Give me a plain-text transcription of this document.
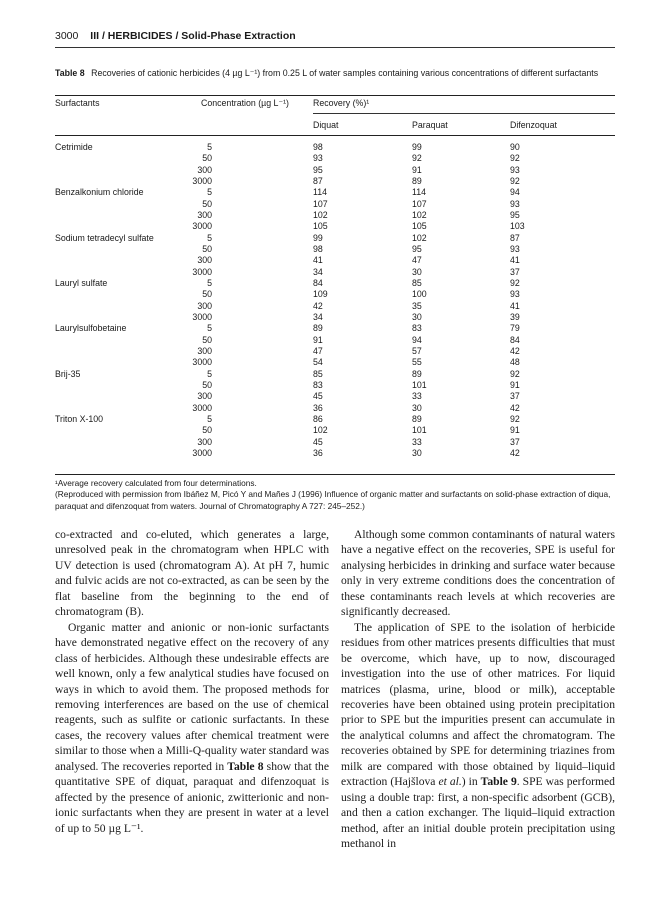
3000 III / HERBICIDES / Solid-Phase Extraction
Table 8 Recoveries of cationic herbicides (4 µg L⁻¹) from 0.25 L of water samples containing various concentrations of different surfactants
Surfactants	Concentration (µg L⁻¹)	Recovery (%)¹
Diquat	Paraquat	Difenzoquat
Cetrimide	5	98	99	90
50	93	92	92
300	95	91	93
3000	87	89	92
Benzalkonium chloride	5	114	114	94
50	107	107	93
300	102	102	95
3000	105	105	103
Sodium tetradecyl sulfate	5	99	102	87
50	98	95	93
300	41	47	41
3000	34	30	37
Lauryl sulfate	5	84	85	92
50	109	100	93
300	42	35	41
3000	34	30	39
Laurylsulfobetaine	5	89	83	79
50	91	94	84
300	47	57	42
3000	54	55	48
Brij-35	5	85	89	92
50	83	101	91
300	45	33	37
3000	36	30	42
Triton X-100	5	86	89	92
50	102	101	91
300	45	33	37
3000	36	30	42
¹Average recovery calculated from four determinations.
(Reproduced with permission from Ibáñez M, Picó Y and Mañes J (1996) Influence of organic matter and surfactants on solid-phase extraction of diqua, paraquat and difenzoquat from waters. Journal of Chromatography A 727: 245–252.)

co-extracted and co-eluted, which generates a large, unresolved peak in the chromatogram when HPLC with UV detection is used (chromatogram A). At pH 7, humic and fulvic acids are not co-extracted, as can be seen by the flat baseline from the beginning to the end of chromatogram (B).

Organic matter and anionic or non-ionic surfactants have demonstrated negative effect on the recovery of any class of herbicides. Although these undesirable effects are well known, only a few analytical studies have focused on ways in which to avoid them. The proposed methods for removing interferences are based on the use of chemical reagents, such as sulfite or cationic surfactants. In these cases, the recovery values after chemical treatment were similar to those when a Milli-Q-quality water standard was analysed. The recoveries reported in Table 8 show that the quantitative SPE of diquat, paraquat and difenzoquat is affected by the presence of anionic, zwitterionic and non-ionic surfactants when they are present in water at a level of up to 50 µg L⁻¹.

Although some common contaminants of natural waters have a negative effect on the recoveries, SPE is useful for analysing herbicides in drinking and surface water because only in very extreme conditions does the concentration of these contaminants reach levels at which recoveries are significantly decreased.

The application of SPE to the isolation of herbicide residues from other matrices presents difficulties that must be overcome, which have, up to now, discouraged investigation into the use of other matrices. For liquid matrices (plasma, urine, blood or milk), acceptable recoveries have been obtained using protein precipitation prior to SPE but the impurities present can accumulate in the analytical columns and affect the chromatogram. The recoveries obtained by SPE for determining triazines from milk are compared with those obtained by liquid–liquid extraction (Hajšlova et al.) in Table 9. SPE was performed using a double trap: first, a non-specific adsorbent (GCB), and then a cation exchanger. The liquid–liquid extraction method, after an initial double protein precipitation using methanol in
